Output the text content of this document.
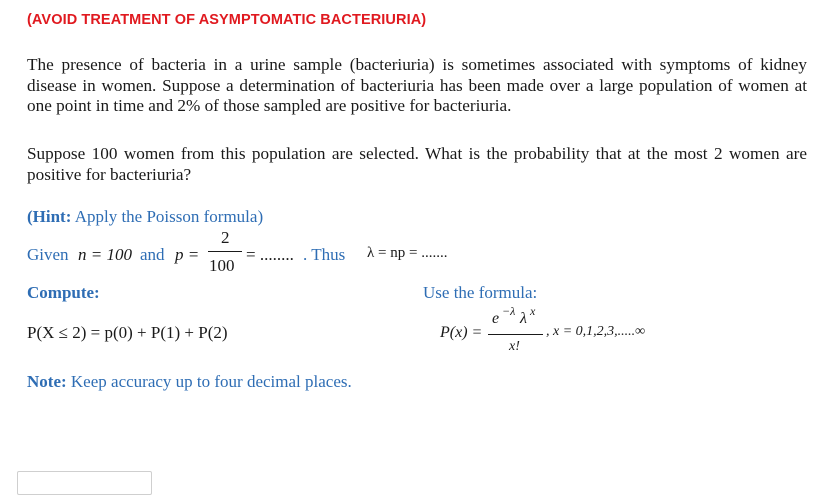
(AVOID TREATMENT OF ASYMPTOMATIC BACTERIURIA)

The presence of bacteria in a urine sample (bacteriuria) is sometimes associated with symptoms of kidney disease in women. Suppose a determination of bacteriuria has been made over a large population of women at one point in time and 2% of those sampled are positive for bacteriuria.

Suppose 100 women from this population are selected. What is the probability that at the most 2 women are positive for bacteriuria?

(Hint: Apply the Poisson formula)
Given n = 100 and p =
2
100
= ........ . Thus λ = np = .......
Compute:	Use the formula:
P(X ≤ 2) = p(0) + P(1) + P(2)	P(x) =
e −λ λ x
x!
, x = 0,1,2,3,.....∞
Note: Keep accuracy up to four decimal places.
